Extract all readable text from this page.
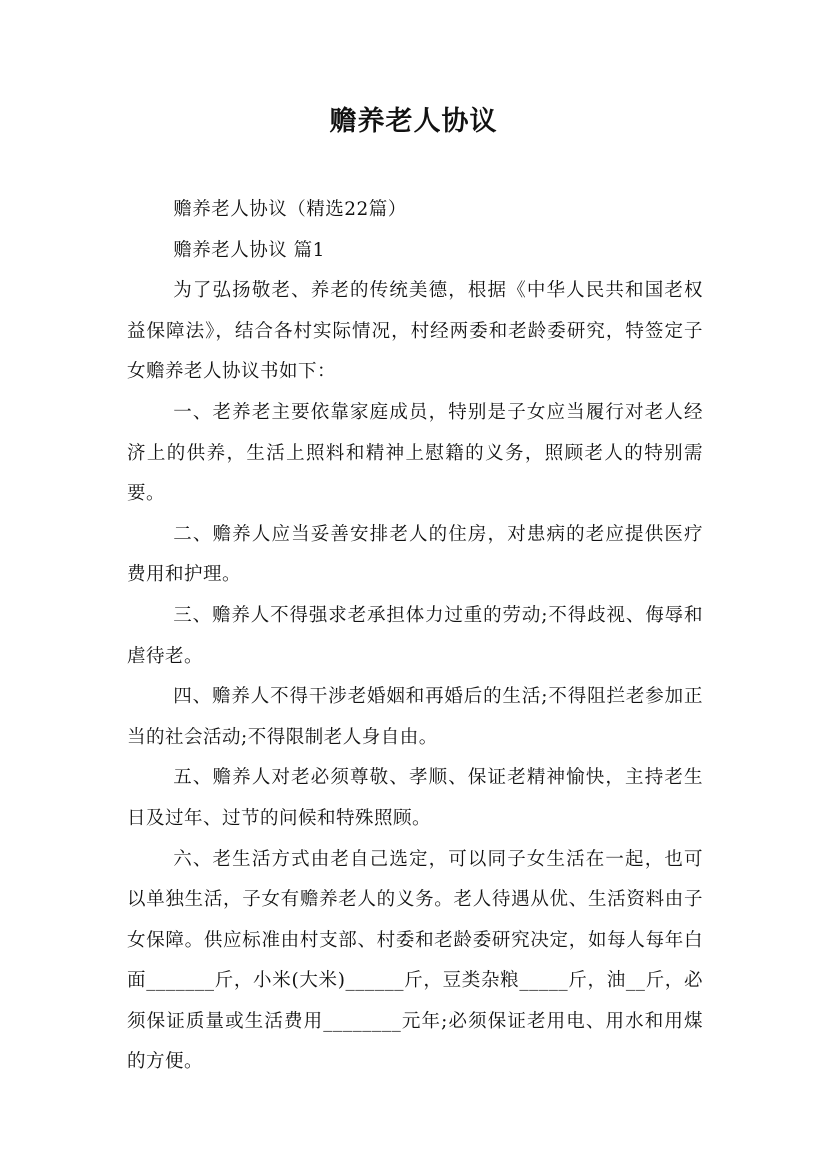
赡养老人协议

赡养老人协议（精选22篇）

赡养老人协议 篇1

为了弘扬敬老、养老的传统美德，根据《中华人民共和国老权益保障法》，结合各村实际情况，村经两委和老龄委研究，特签定子女赡养老人协议书如下：

一、老养老主要依靠家庭成员，特别是子女应当履行对老人经济上的供养，生活上照料和精神上慰籍的义务，照顾老人的特别需要。

二、赡养人应当妥善安排老人的住房，对患病的老应提供医疗费用和护理。

三、赡养人不得强求老承担体力过重的劳动;不得歧视、侮辱和虐待老。

四、赡养人不得干涉老婚姻和再婚后的生活;不得阻拦老参加正当的社会活动;不得限制老人身自由。

五、赡养人对老必须尊敬、孝顺、保证老精神愉快，主持老生日及过年、过节的问候和特殊照顾。

六、老生活方式由老自己选定，可以同子女生活在一起，也可以单独生活，子女有赡养老人的义务。老人待遇从优、生活资料由子女保障。供应标准由村支部、村委和老龄委研究决定，如每人每年白面_______斤，小米(大米)______斤，豆类杂粮_____斤，油__斤，必须保证质量或生活费用________元年;必须保证老用电、用水和用煤的方便。
